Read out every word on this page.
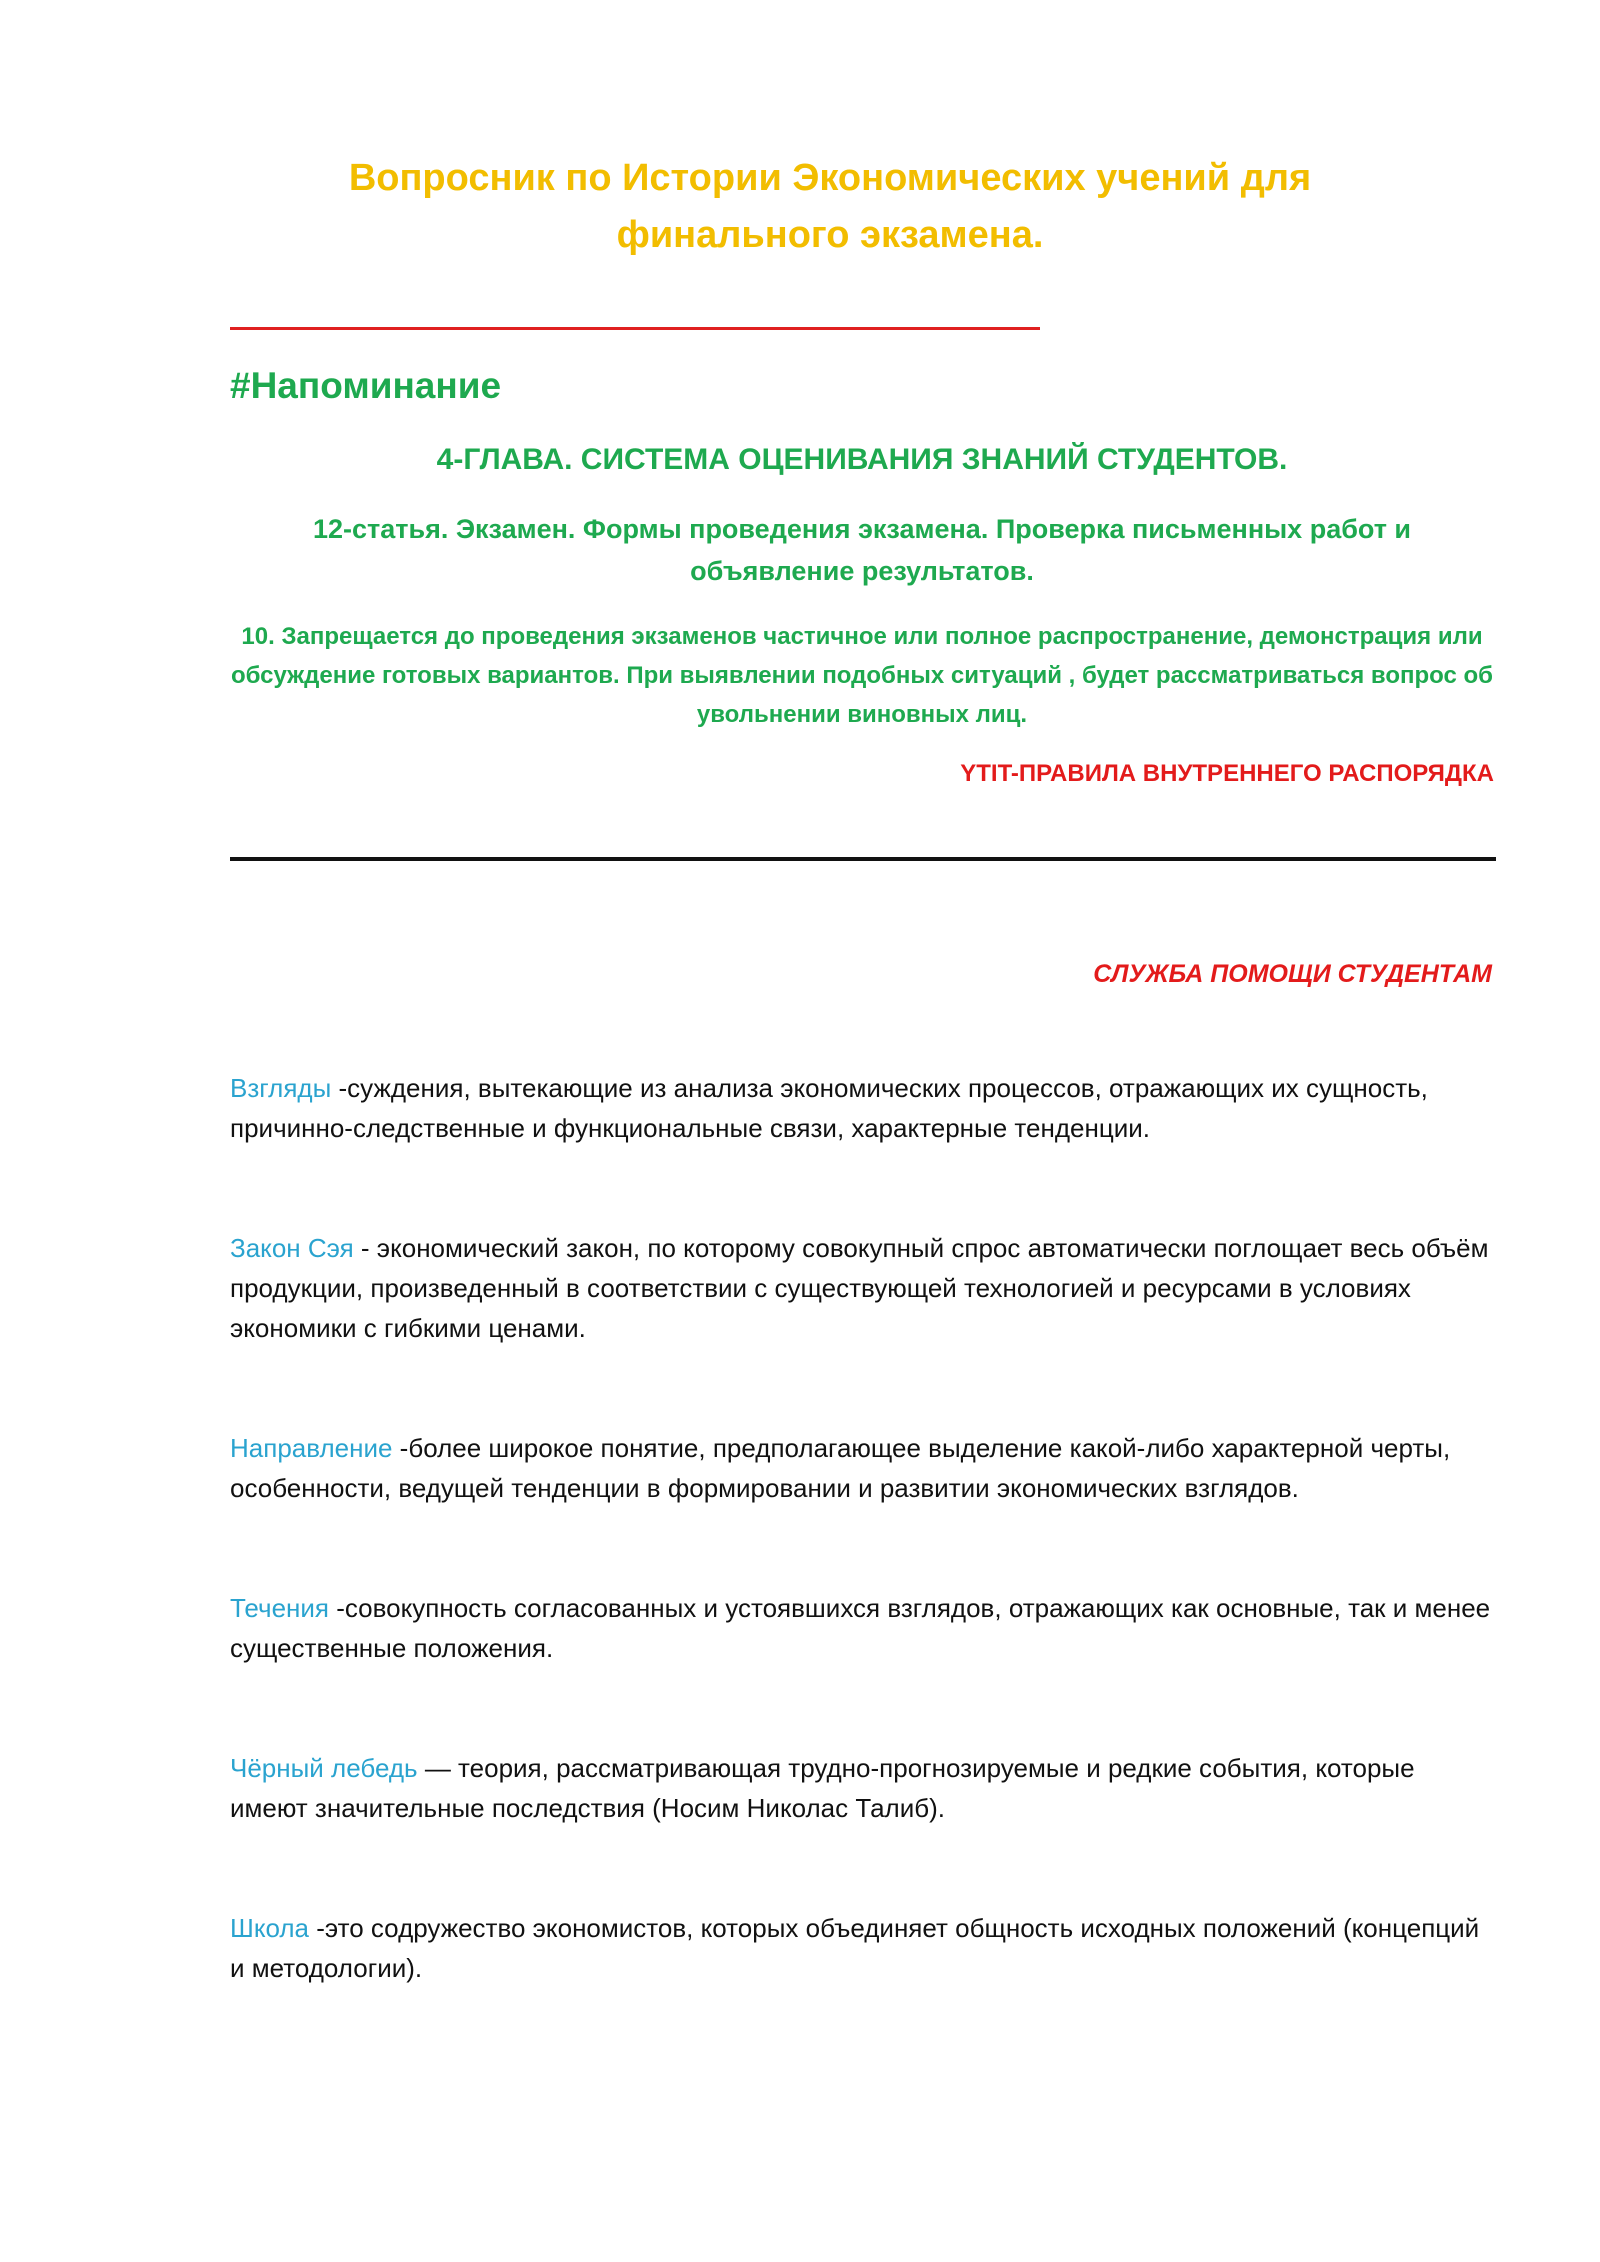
Вопросник по Истории Экономических учений для финального экзамена.
#Напоминание
4-ГЛАВА. СИСТЕМА ОЦЕНИВАНИЯ ЗНАНИЙ СТУДЕНТОВ.
12-статья. Экзамен. Формы проведения экзамена. Проверка письменных работ и объявление результатов.
10. Запрещается до проведения экзаменов частичное или полное распространение, демонстрация или обсуждение готовых вариантов. При выявлении подобных ситуаций , будет рассматриваться вопрос об увольнении виновных лиц.
YTIT-ПРАВИЛА ВНУТРЕННЕГО РАСПОРЯДКА
СЛУЖБА ПОМОЩИ СТУДЕНТАМ

Взгляды -суждения, вытекающие из анализа экономических процессов, отражающих их сущность, причинно-следственные и функциональные связи, характерные тенденции.

Закон Сэя - экономический закон, по которому совокупный спрос автоматически поглощает весь объём продукции, произведенный в соответствии с существующей технологией и ресурсами в условиях экономики с гибкими ценами.

Направление -более широкое понятие, предполагающее выделение какой-либо характерной черты, особенности, ведущей тенденции в формировании и развитии экономических взглядов.

Течения -совокупность согласованных и устоявшихся взглядов, отражающих как основные, так и менее существенные положения.

Чёрный лебедь — теория, рассматривающая трудно-прогнозируемые и редкие события, которые имеют значительные последствия (Носим Николас Талиб).

Школа -это содружество экономистов, которых объединяет общность исходных положений (концепций и методологии).
